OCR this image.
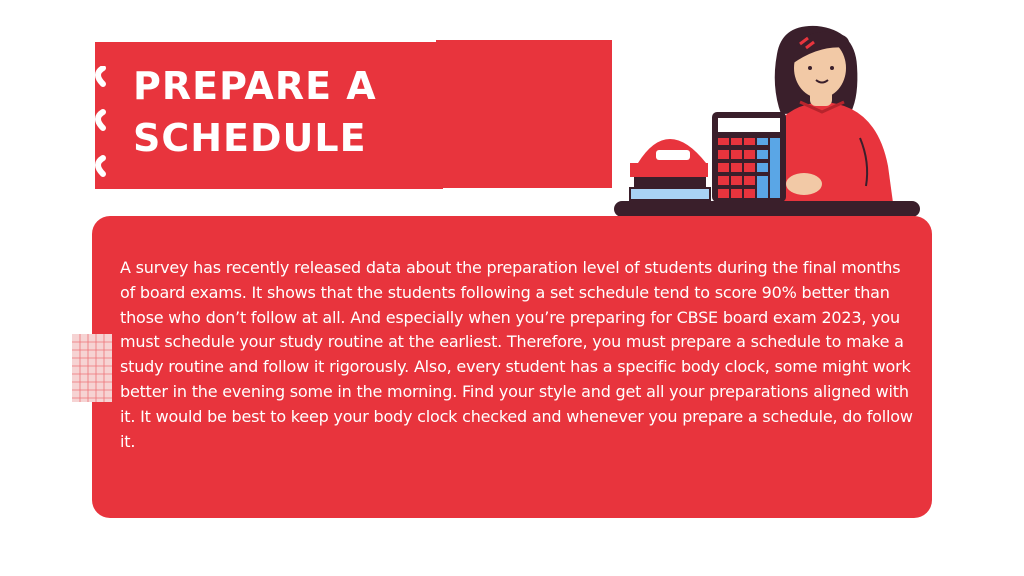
PREPARE A
SCHEDULE

A survey has recently released data about the preparation level of students during the final months of board exams. It shows that the students following a set schedule tend to score 90% better than those who don’t follow at all. And especially when you’re preparing for CBSE board exam 2023, you must schedule your study routine at the earliest. Therefore, you must prepare a schedule to make a study routine and follow it rigorously. Also, every student has a specific body clock, some might work better in the evening some in the morning. Find your style and get all your preparations aligned with it. It would be best to keep your body clock checked and whenever you prepare a schedule, do follow it.
